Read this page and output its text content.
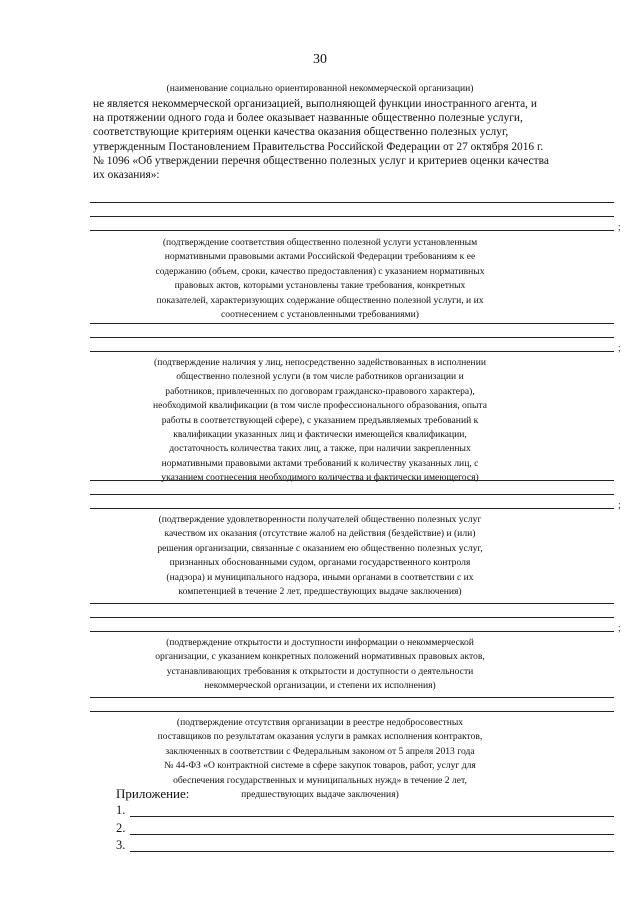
30
(наименование социально ориентированной некоммерческой организации)
не является некоммерческой организацией, выполняющей функции иностранного агента, и
на протяжении одного года и более оказывает названные общественно полезные услуги,
соответствующие критериям оценки качества оказания общественно полезных услуг,
утвержденным Постановлением Правительства Российской Федерации от 27 октября 2016 г.
№ 1096 «Об утверждении перечня общественно полезных услуг и критериев оценки качества
их оказания»:
;
(подтверждение соответствия общественно полезной услуги установленным
нормативными правовыми актами Российской Федерации требованиям к ее
содержанию (объем, сроки, качество предоставления) с указанием нормативных
правовых актов, которыми установлены такие требования, конкретных
показателей, характеризующих содержание общественно полезной услуги, и их
соотнесением с установленными требованиями)
;
(подтверждение наличия у лиц, непосредственно задействованных в исполнении
общественно полезной услуги (в том числе работников организации и
работников, привлеченных по договорам гражданско-правового характера),
необходимой квалификации (в том числе профессионального образования, опыта
работы в соответствующей сфере), с указанием предъявляемых требований к
квалификации указанных лиц и фактически имеющейся квалификации,
достаточность количества таких лиц, а также, при наличии закрепленных
нормативными правовыми актами требований к количеству указанных лиц, с
указанием соотнесения необходимого количества и фактически имеющегося)
;
(подтверждение удовлетворенности получателей общественно полезных услуг
качеством их оказания (отсутствие жалоб на действия (бездействие) и (или)
решения организации, связанные с оказанием ею общественно полезных услуг,
признанных обоснованными судом, органами государственного контроля
(надзора) и муниципального надзора, иными органами в соответствии с их
компетенцией в течение 2 лет, предшествующих выдаче заключения)
;
(подтверждение открытости и доступности информации о некоммерческой
организации, с указанием конкретных положений нормативных правовых актов,
устанавливающих требования к открытости и доступности о деятельности
некоммерческой организации, и степени их исполнения)
(подтверждение отсутствия организации в реестре недобросовестных
поставщиков по результатам оказания услуги в рамках исполнения контрактов,
заключенных в соответствии с Федеральным законом от 5 апреля 2013 года
№ 44-ФЗ «О контрактной системе в сфере закупок товаров, работ, услуг для
обеспечения государственных и муниципальных нужд» в течение 2 лет,
предшествующих выдаче заключения)
Приложение:
1.
2.
3.
